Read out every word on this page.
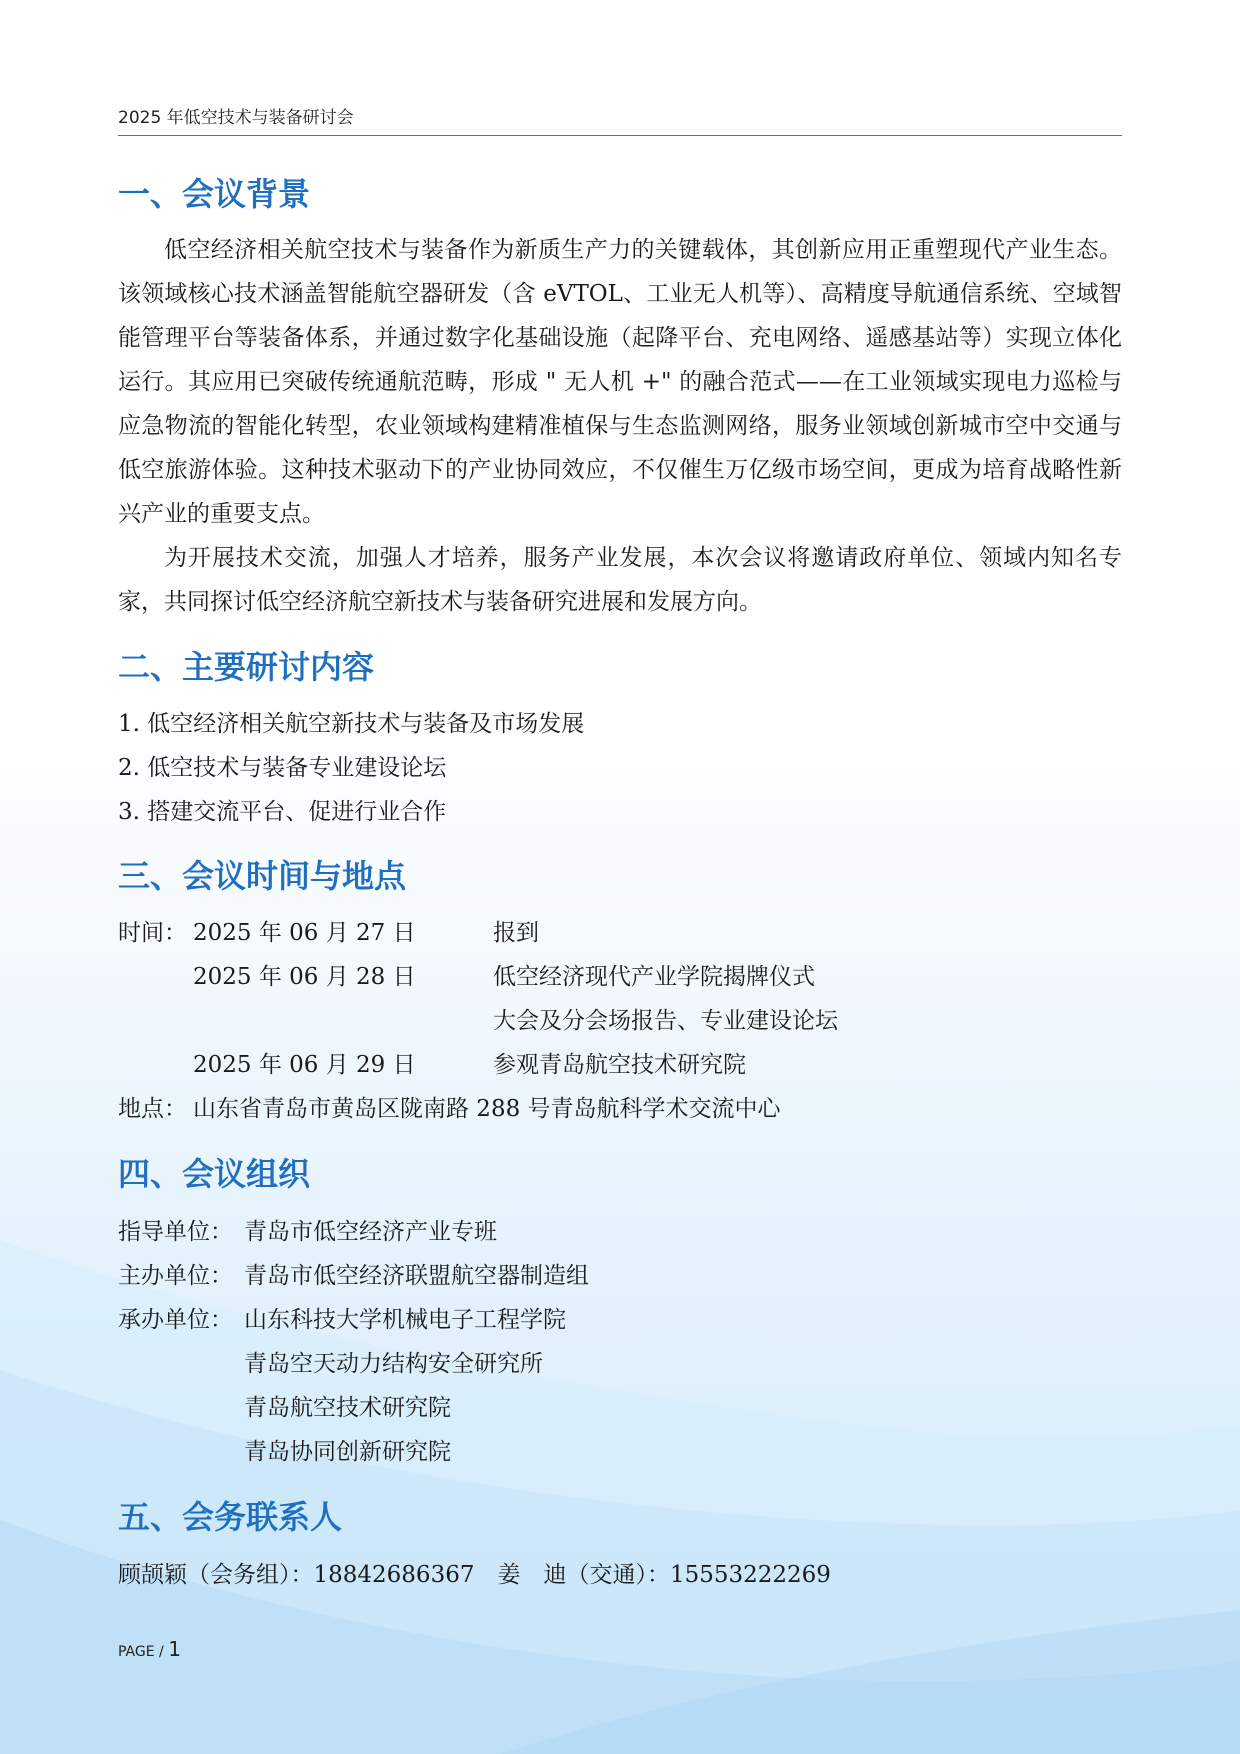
2025 年低空技术与装备研讨会
一、会议背景

低空经济相关航空技术与装备作为新质生产力的关键载体，其创新应用正重塑现代产业生态。该领域核心技术涵盖智能航空器研发（含 eVTOL、工业无人机等）、高精度导航通信系统、空域智能管理平台等装备体系，并通过数字化基础设施（起降平台、充电网络、遥感基站等）实现立体化运行。其应用已突破传统通航范畴，形成 " 无人机 +" 的融合范式——在工业领域实现电力巡检与应急物流的智能化转型，农业领域构建精准植保与生态监测网络，服务业领域创新城市空中交通与低空旅游体验。这种技术驱动下的产业协同效应，不仅催生万亿级市场空间，更成为培育战略性新兴产业的重要支点。

为开展技术交流，加强人才培养，服务产业发展，本次会议将邀请政府单位、领域内知名专家，共同探讨低空经济航空新技术与装备研究进展和发展方向。

二、主要研讨内容
1. 低空经济相关航空新技术与装备及市场发展
2. 低空技术与装备专业建设论坛
3. 搭建交流平台、促进行业合作
三、会议时间与地点
时间： 2025 年 06 月 27 日	报到
2025 年 06 月 28 日	低空经济现代产业学院揭牌仪式
大会及分会场报告、专业建设论坛
2025 年 06 月 29 日	参观青岛航空技术研究院
地点： 山东省青岛市黄岛区陇南路 288 号青岛航科学术交流中心
四、会议组织
指导单位： 青岛市低空经济产业专班
主办单位： 青岛市低空经济联盟航空器制造组
承办单位： 山东科技大学机械电子工程学院
青岛空天动力结构安全研究所
青岛航空技术研究院
青岛协同创新研究院
五、会务联系人
顾颉颖（会务组）：18842686367　姜　迪（交通）：15553222269
PAGE / 1
